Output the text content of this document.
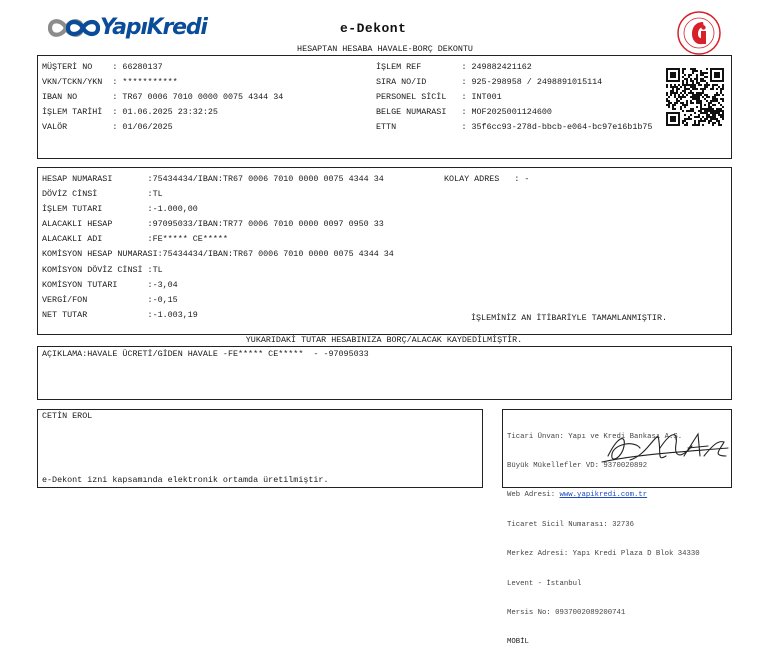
YapıKredi	e-Dekont
HESAPTAN HESABA HAVALE-BORÇ DEKONTU
MÜŞTERİ NO    : 66280137
VKN/TCKN/YKN  : ***********
IBAN NO       : TR67 0006 7010 0000 0075 4344 34
İŞLEM TARİHİ  : 01.06.2025 23:32:25
VALÖR         : 01/06/2025
İŞLEM REF        : 249882421162
SIRA NO/ID       : 925-298958 / 2498891015114
PERSONEL SİCİL   : INT001
BELGE NUMARASI   : MOF2025001124600
ETTN             : 35f6cc93-278d-bbcb-e064-bc97e16b1b75
HESAP NUMARASI       :75434434/IBAN:TR67 0006 7010 0000 0075 4344 34
DÖVİZ CİNSİ          :TL
İŞLEM TUTARI         :-1.000,00
ALACAKLI HESAP       :97095033/IBAN:TR77 0006 7010 0000 0097 0950 33
ALACAKLI ADI         :FE***** CE*****
KOMİSYON HESAP NUMARASI:75434434/IBAN:TR67 0006 7010 0000 0075 4344 34
KOMİSYON DÖVİZ CİNSİ :TL
KOMİSYON TUTARI      :-3,04
VERGİ/FON            :-0,15
NET TUTAR            :-1.003,19
KOLAY ADRES   : -
İŞLEMİNİZ AN İTİBARİYLE TAMAMLANMIŞTIR.
YUKARIDAKİ TUTAR HESABINIZA BORÇ/ALACAK KAYDEDİLMİŞTİR.
AÇIKLAMA:HAVALE ÜCRETİ/GİDEN HAVALE -FE***** CE*****  - -97095033
CETİN EROL
e-Dekont izni kapsamında elektronik ortamda üretilmiştir.

Ticari Ünvan: Yapı ve Kredi Bankası A.Ş.

Büyük Mükellefler VD: 9370020892

Web Adresi: www.yapikredi.com.tr

Ticaret Sicil Numarası: 32736

Merkez Adresi: Yapı Kredi Plaza D Blok 34330

Levent - İstanbul

Mersis No: 0937002089200741

MOBİL
